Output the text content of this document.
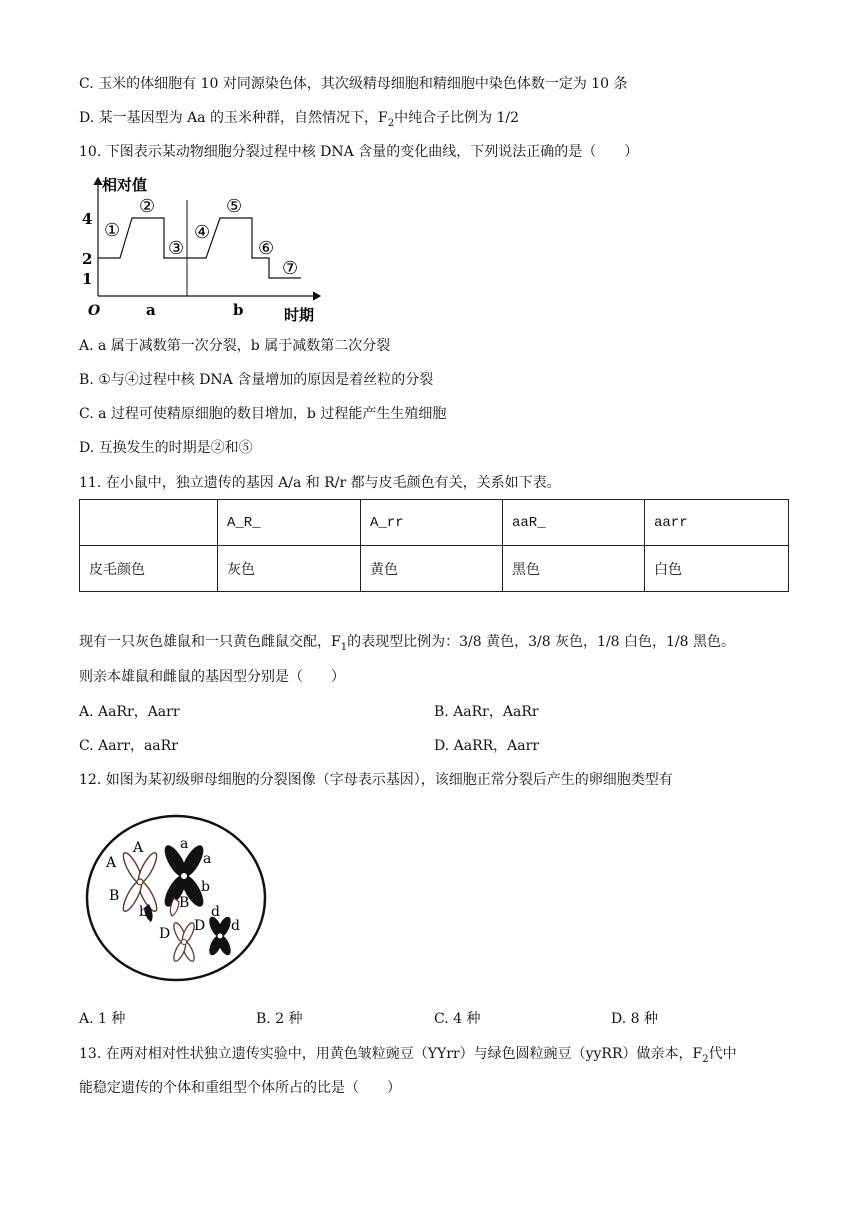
C. 玉米的体细胞有 10 对同源染色体，其次级精母细胞和精细胞中染色体数一定为 10 条
D. 某一基因型为 Aa 的玉米种群，自然情况下，$F_2$中纯合子比例为 1/2
10. 下图表示某动物细胞分裂过程中核 DNA 含量的变化曲线，下列说法正确的是（　　）
相对值
时期
O
4
2
1
a	b
①
②
③
④
⑤
⑥
⑦
A. a 属于减数第一次分裂，b 属于减数第二次分裂
B. ①与④过程中核 DNA 含量增加的原因是着丝粒的分裂
C. a 过程可使精原细胞的数目增加，b 过程能产生生殖细胞
D. 互换发生的时期是②和⑤
11. 在小鼠中，独立遗传的基因 A/a 和 R/r 都与皮毛颜色有关，关系如下表。
	A_R_	A_rr	aaR_	aarr
皮毛颜色	灰色	黄色	黑色	白色
现有一只灰色雄鼠和一只黄色雌鼠交配，$F_1$的表现型比例为：3/8 黄色，3/8 灰色，1/8 白色，1/8 黑色。
则亲本雄鼠和雌鼠的基因型分别是（　　）
A. AaRr，Aarr	B. AaRr，AaRr
C. Aarr，aaRr	D. AaRR，Aarr
12. 如图为某初级卵母细胞的分裂图像（字母表示基因），该细胞正常分裂后产生的卵细胞类型有
A
A
B
b
a
a
b
B
D D
d
d
A. 1 种	B. 2 种	C. 4 种	D. 8 种
13. 在两对相对性状独立遗传实验中，用黄色皱粒豌豆（YYrr）与绿色圆粒豌豆（yyRR）做亲本，$F_2$代中
能稳定遗传的个体和重组型个体所占的比是（　　）
